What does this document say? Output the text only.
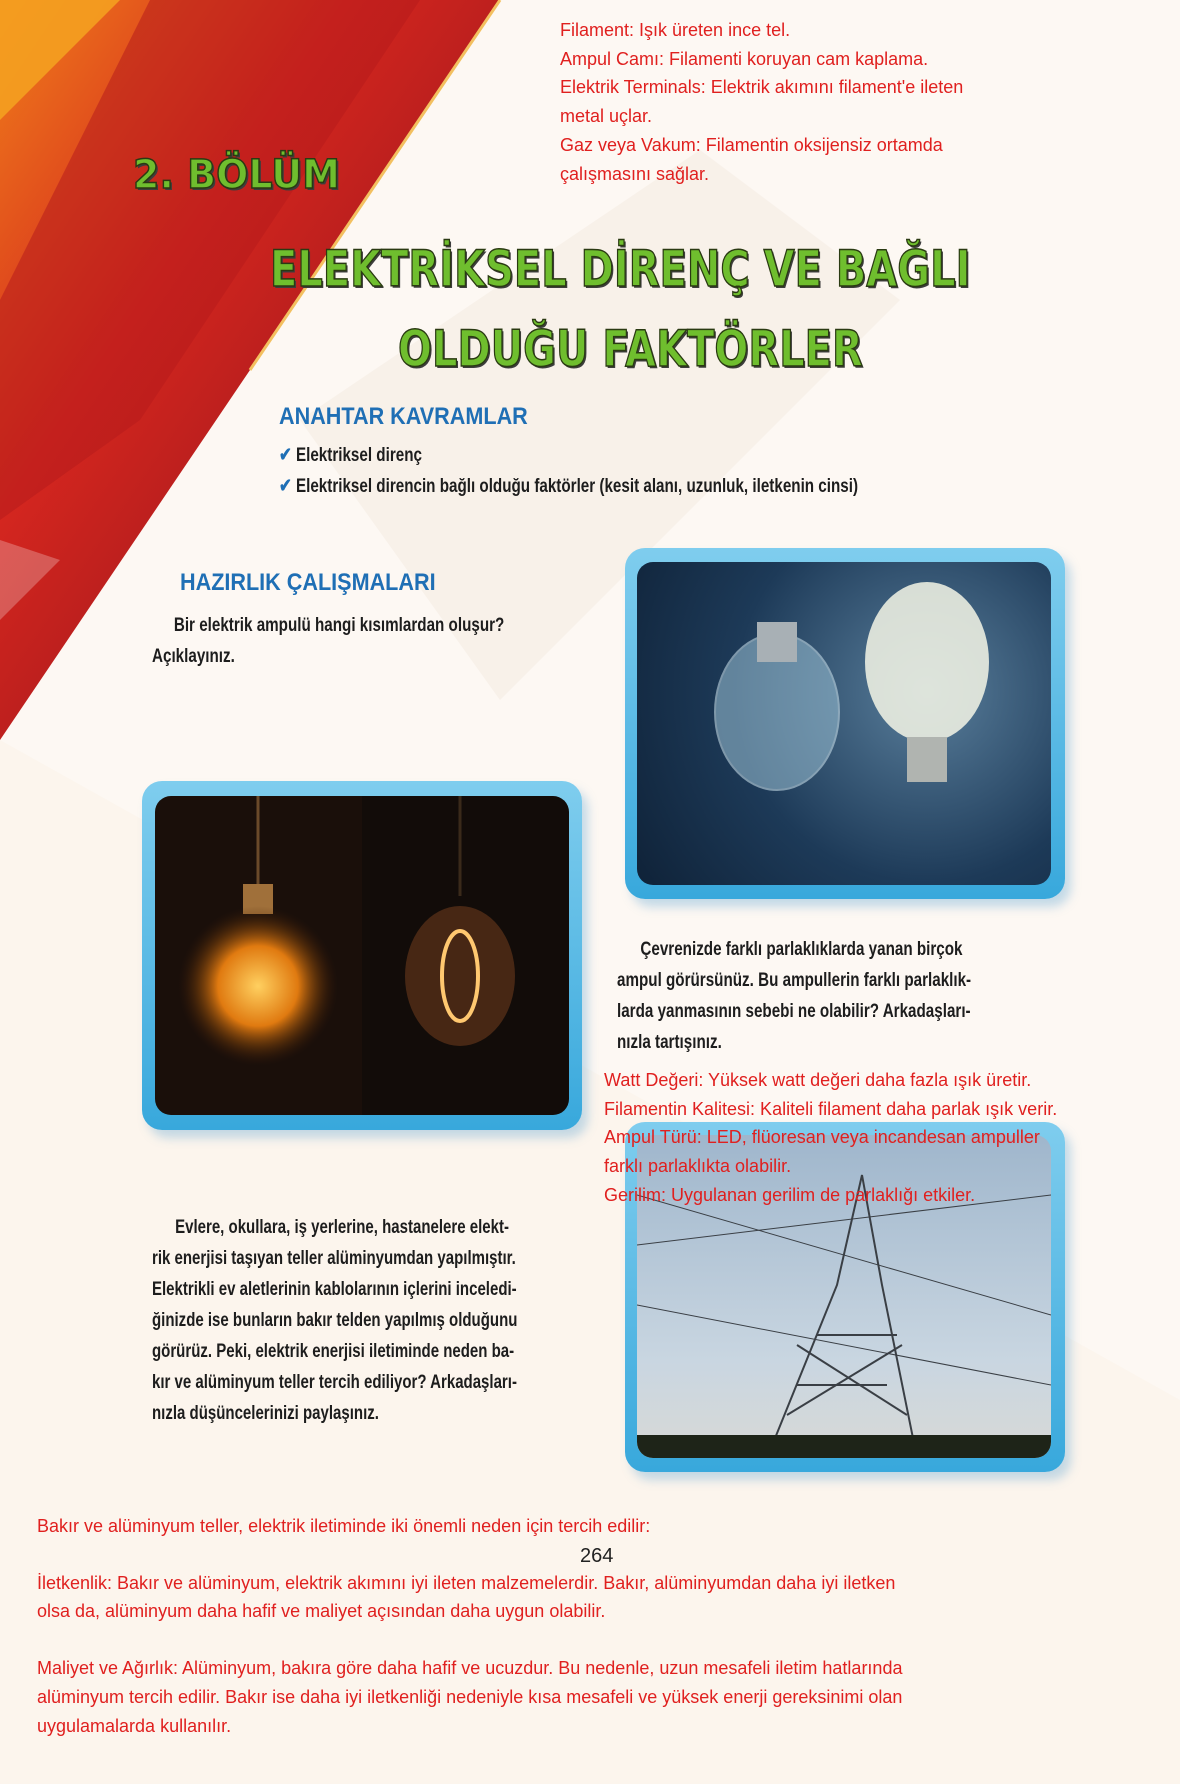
Filament: Işık üreten ince tel.
Ampul Camı: Filamenti koruyan cam kaplama.
Elektrik Terminals: Elektrik akımını filament'e ileten
metal uçlar.
Gaz veya Vakum: Filamentin oksijensiz ortamda
çalışmasını sağlar.
2. BÖLÜM
ELEKTRİKSEL DİRENÇ VE BAĞLI
OLDUĞU FAKTÖRLER
ANAHTAR KAVRAMLAR
✔ Elektriksel direnç
✔ Elektriksel direncin bağlı olduğu faktörler (kesit alanı, uzunluk, iletkenin cinsi)
HAZIRLIK ÇALIŞMALARI
Bir elektrik ampulü hangi kısımlardan oluşur?
Açıklayınız.
Çevrenizde farklı parlaklıklarda yanan birçok
ampul görürsünüz. Bu ampullerin farklı parlaklık-
larda yanmasının sebebi ne olabilir? Arkadaşları-
nızla tartışınız.
Watt Değeri: Yüksek watt değeri daha fazla ışık üretir.
Filamentin Kalitesi: Kaliteli filament daha parlak ışık verir.
Ampul Türü: LED, flüoresan veya incandesan ampuller
farklı parlaklıkta olabilir.
Gerilim: Uygulanan gerilim de parlaklığı etkiler.
Evlere, okullara, iş yerlerine, hastanelere elekt-
rik enerjisi taşıyan teller alüminyumdan yapılmıştır.
Elektrikli ev aletlerinin kablolarının içlerini inceledi-
ğinizde ise bunların bakır telden yapılmış olduğunu
görürüz. Peki, elektrik enerjisi iletiminde neden ba-
kır ve alüminyum teller tercih ediliyor? Arkadaşları-
nızla düşüncelerinizi paylaşınız.
264
Bakır ve alüminyum teller, elektrik iletiminde iki önemli neden için tercih edilir:
İletkenlik: Bakır ve alüminyum, elektrik akımını iyi ileten malzemelerdir. Bakır, alüminyumdan daha iyi iletken
olsa da, alüminyum daha hafif ve maliyet açısından daha uygun olabilir.
Maliyet ve Ağırlık: Alüminyum, bakıra göre daha hafif ve ucuzdur. Bu nedenle, uzun mesafeli iletim hatlarında
alüminyum tercih edilir. Bakır ise daha iyi iletkenliği nedeniyle kısa mesafeli ve yüksek enerji gereksinimi olan
uygulamalarda kullanılır.
